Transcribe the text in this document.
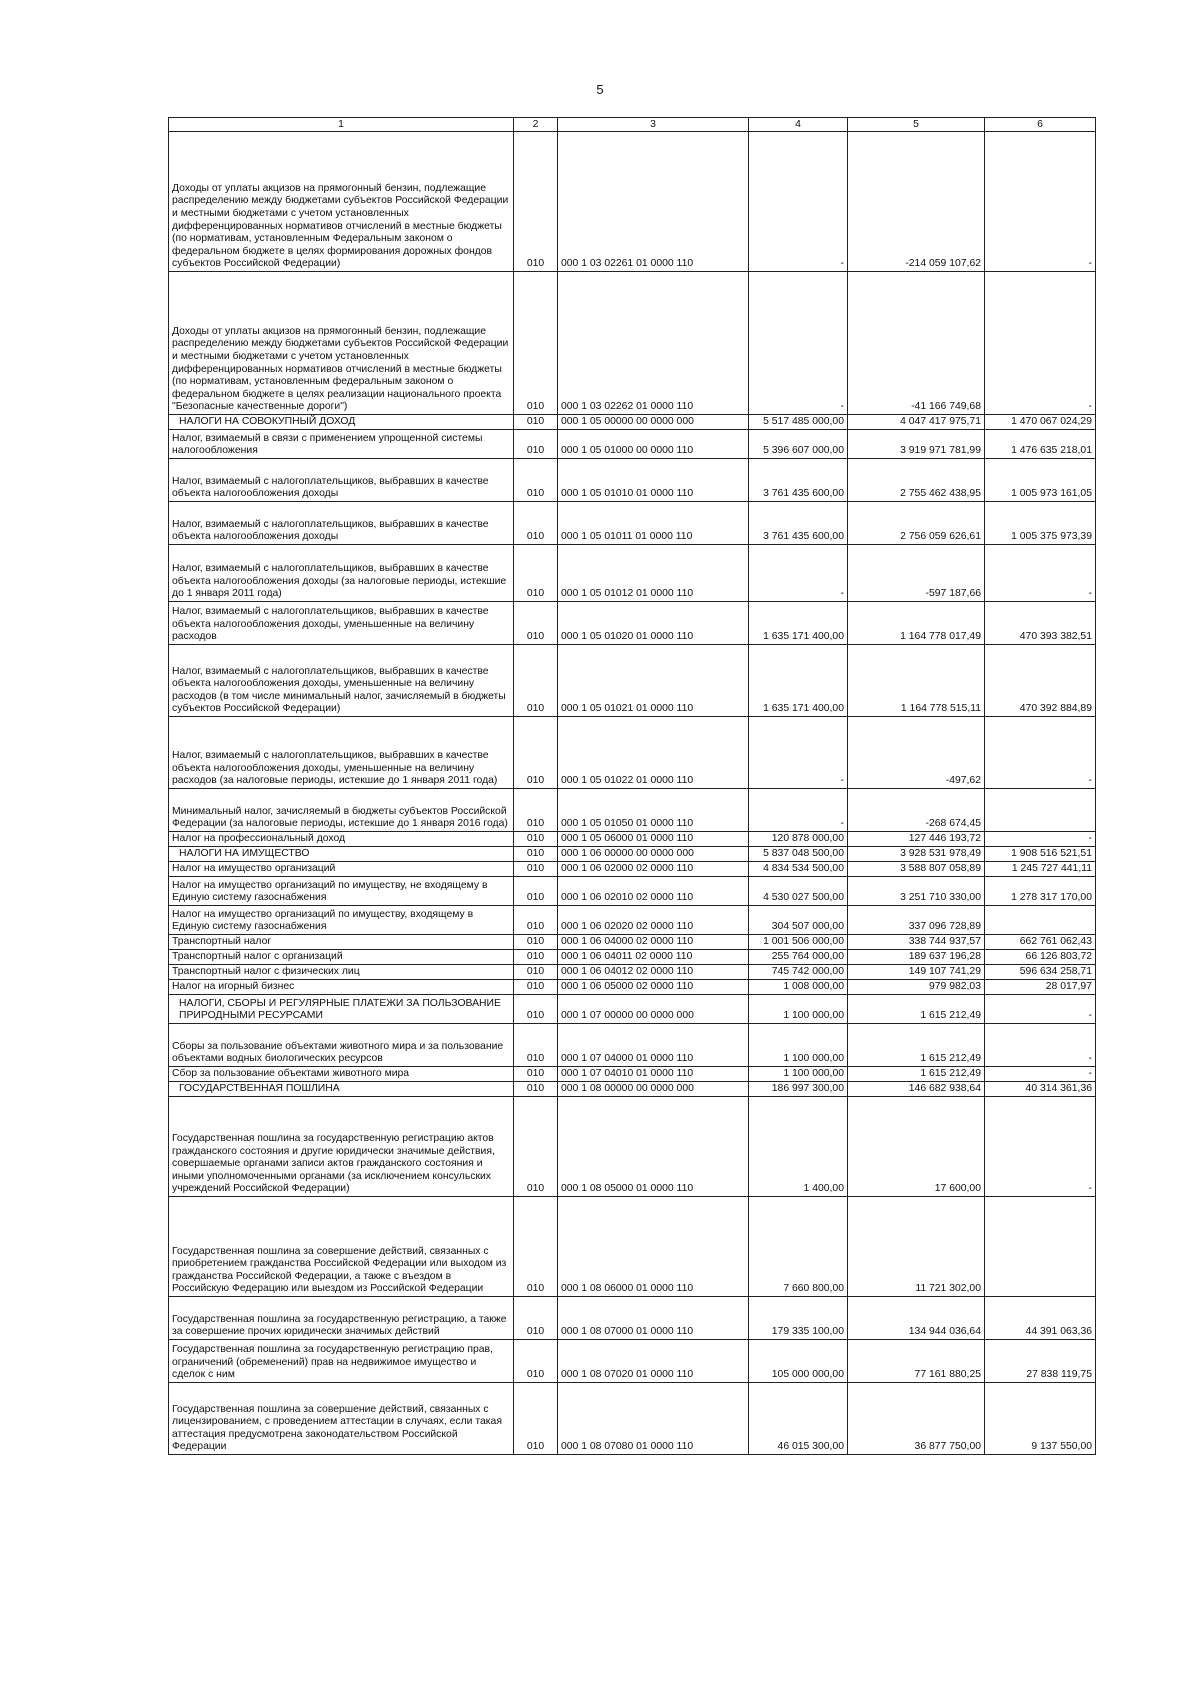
5
1	2	3	4	5	6
Доходы от уплаты акцизов на прямогонный бензин, подлежащие распределению между бюджетами субъектов Российской Федерации и местными бюджетами с учетом установленных дифференцированных нормативов отчислений в местные бюджеты (по нормативам, установленным Федеральным законом о федеральном бюджете в целях формирования дорожных фондов субъектов Российской Федерации)	010	000 1 03 02261 01 0000 110	-	-214 059 107,62	-
Доходы от уплаты акцизов на прямогонный бензин, подлежащие распределению между бюджетами субъектов Российской Федерации и местными бюджетами с учетом установленных дифференцированных нормативов отчислений в местные бюджеты (по нормативам, установленным федеральным законом о федеральном бюджете в целях реализации национального проекта "Безопасные качественные дороги")	010	000 1 03 02262 01 0000 110	-	-41 166 749,68	-
НАЛОГИ НА СОВОКУПНЫЙ ДОХОД	010	000 1 05 00000 00 0000 000	5 517 485 000,00	4 047 417 975,71	1 470 067 024,29
Налог, взимаемый в связи с применением упрощенной системы налогообложения	010	000 1 05 01000 00 0000 110	5 396 607 000,00	3 919 971 781,99	1 476 635 218,01
Налог, взимаемый с налогоплательщиков, выбравших в качестве объекта налогообложения доходы	010	000 1 05 01010 01 0000 110	3 761 435 600,00	2 755 462 438,95	1 005 973 161,05
Налог, взимаемый с налогоплательщиков, выбравших в качестве объекта налогообложения доходы	010	000 1 05 01011 01 0000 110	3 761 435 600,00	2 756 059 626,61	1 005 375 973,39
Налог, взимаемый с налогоплательщиков, выбравших в качестве объекта налогообложения доходы (за налоговые периоды, истекшие до 1 января 2011 года)	010	000 1 05 01012 01 0000 110	-	-597 187,66	-
Налог, взимаемый с налогоплательщиков, выбравших в качестве объекта налогообложения доходы, уменьшенные на величину расходов	010	000 1 05 01020 01 0000 110	1 635 171 400,00	1 164 778 017,49	470 393 382,51
Налог, взимаемый с налогоплательщиков, выбравших в качестве объекта налогообложения доходы, уменьшенные на величину расходов (в том числе минимальный налог, зачисляемый в бюджеты субъектов Российской Федерации)	010	000 1 05 01021 01 0000 110	1 635 171 400,00	1 164 778 515,11	470 392 884,89
Налог, взимаемый с налогоплательщиков, выбравших в качестве объекта налогообложения доходы, уменьшенные на величину расходов (за налоговые периоды, истекшие до 1 января 2011 года)	010	000 1 05 01022 01 0000 110	-	-497,62	-
Минимальный налог, зачисляемый в бюджеты субъектов Российской Федерации (за налоговые периоды, истекшие до 1 января 2016 года)	010	000 1 05 01050 01 0000 110	-	-268 674,45	
Налог на профессиональный доход	010	000 1 05 06000 01 0000 110	120 878 000,00	127 446 193,72	-
НАЛОГИ НА ИМУЩЕСТВО	010	000 1 06 00000 00 0000 000	5 837 048 500,00	3 928 531 978,49	1 908 516 521,51
Налог на имущество организаций	010	000 1 06 02000 02 0000 110	4 834 534 500,00	3 588 807 058,89	1 245 727 441,11
Налог на имущество организаций по имуществу, не входящему в Единую систему газоснабжения	010	000 1 06 02010 02 0000 110	4 530 027 500,00	3 251 710 330,00	1 278 317 170,00
Налог на имущество организаций по имуществу, входящему в Единую систему газоснабжения	010	000 1 06 02020 02 0000 110	304 507 000,00	337 096 728,89	
Транспортный налог	010	000 1 06 04000 02 0000 110	1 001 506 000,00	338 744 937,57	662 761 062,43
Транспортный налог с организаций	010	000 1 06 04011 02 0000 110	255 764 000,00	189 637 196,28	66 126 803,72
Транспортный налог с физических лиц	010	000 1 06 04012 02 0000 110	745 742 000,00	149 107 741,29	596 634 258,71
Налог на игорный бизнес	010	000 1 06 05000 02 0000 110	1 008 000,00	979 982,03	28 017,97
НАЛОГИ, СБОРЫ И РЕГУЛЯРНЫЕ ПЛАТЕЖИ ЗА ПОЛЬЗОВАНИЕ ПРИРОДНЫМИ РЕСУРСАМИ	010	000 1 07 00000 00 0000 000	1 100 000,00	1 615 212,49	-
Сборы за пользование объектами животного мира и за пользование объектами водных биологических ресурсов	010	000 1 07 04000 01 0000 110	1 100 000,00	1 615 212,49	-
Сбор за пользование объектами животного мира	010	000 1 07 04010 01 0000 110	1 100 000,00	1 615 212,49	-
ГОСУДАРСТВЕННАЯ ПОШЛИНА	010	000 1 08 00000 00 0000 000	186 997 300,00	146 682 938,64	40 314 361,36
Государственная пошлина за государственную регистрацию актов гражданского состояния и другие юридически значимые действия, совершаемые органами записи актов гражданского состояния и иными уполномоченными органами (за исключением консульских учреждений Российской Федерации)	010	000 1 08 05000 01 0000 110	1 400,00	17 600,00	-
Государственная пошлина за совершение действий, связанных с приобретением гражданства Российской Федерации или выходом из гражданства Российской Федерации, а также с въездом в Российскую Федерацию или выездом из Российской Федерации	010	000 1 08 06000 01 0000 110	7 660 800,00	11 721 302,00	
Государственная пошлина за государственную регистрацию, а также за совершение прочих юридически значимых действий	010	000 1 08 07000 01 0000 110	179 335 100,00	134 944 036,64	44 391 063,36
Государственная пошлина за государственную регистрацию прав, ограничений (обременений) прав на недвижимое имущество и сделок с ним	010	000 1 08 07020 01 0000 110	105 000 000,00	77 161 880,25	27 838 119,75
Государственная пошлина за совершение действий, связанных с лицензированием, с проведением аттестации в случаях, если такая аттестация предусмотрена законодательством Российской Федерации	010	000 1 08 07080 01 0000 110	46 015 300,00	36 877 750,00	9 137 550,00
